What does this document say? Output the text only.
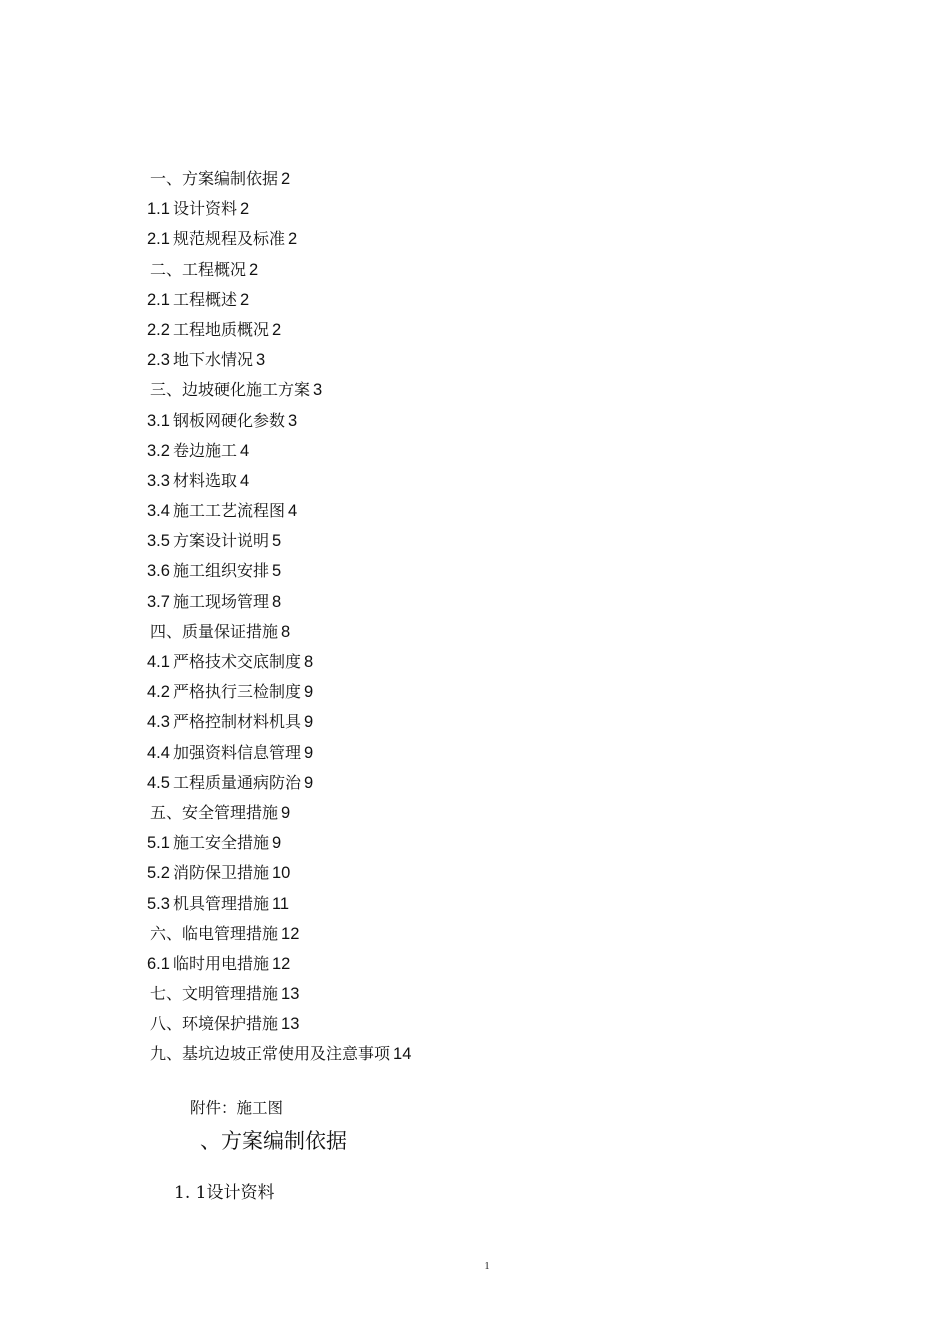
一、方案编制依据 2
1.1 设计资料 2
2.1 规范规程及标准 2
二、工程概况 2
2.1 工程概述 2
2.2 工程地质概况 2
2.3 地下水情况 3
三、边坡硬化施工方案 3
3.1 钢板网硬化参数 3
3.2 卷边施工 4
3.3 材料选取 4
3.4 施工工艺流程图 4
3.5 方案设计说明 5
3.6 施工组织安排 5
3.7 施工现场管理 8
四、质量保证措施 8
4.1 严格技术交底制度 8
4.2 严格执行三检制度 9
4.3 严格控制材料机具 9
4.4 加强资料信息管理 9
4.5 工程质量通病防治 9
五、安全管理措施 9
5.1 施工安全措施 9
5.2 消防保卫措施 10
5.3 机具管理措施 11
六、临电管理措施 12
6.1 临时用电措施 12
七、文明管理措施 13
八、环境保护措施 13
九、基坑边坡正常使用及注意事项 14
附件：施工图
、方案编制依据
1. 1设计资料
1
